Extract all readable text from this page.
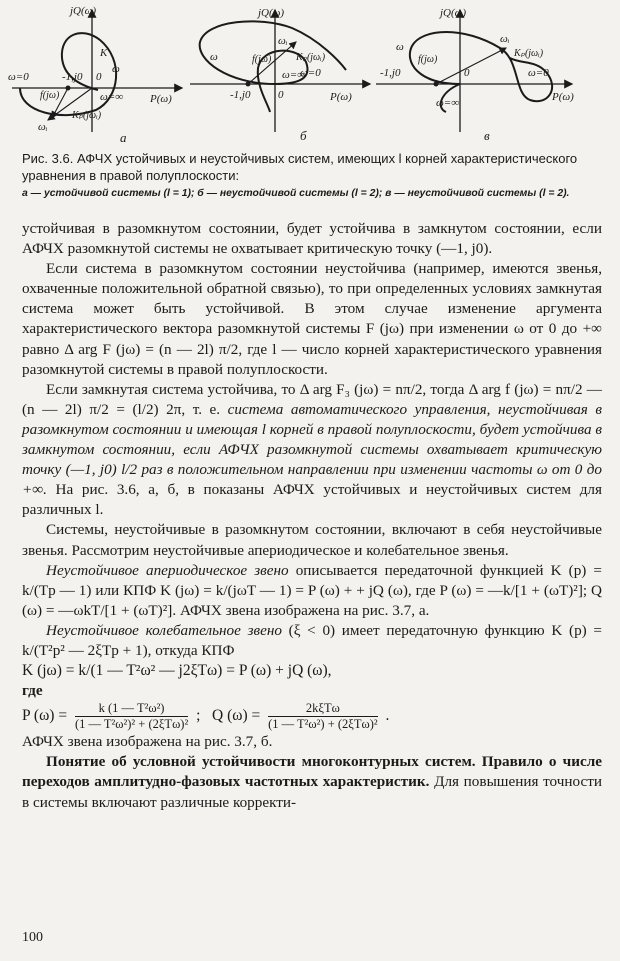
jQ(ω)
ω=0	-1,j0 0
ω=∞ P(ω)
f(jω)
ω
K
ωᵢ
Kₚ(jωᵢ)
а
jQ(ω)
ωᵢ
Kₚ(jωᵢ)
f(jω)
ω
ω=0
ω=∞
-1,j0	0	P(ω)
б
jQ(ω)
ωᵢ
Kₚ(jωᵢ)
f(jω)
ω
-1,j0	0	ω=0
ω=∞	P(ω)
в

Рис. 3.6. АФЧХ устойчивых и неустойчивых систем, имеющих l корней характеристического уравнения в правой полуплоскости:

а — устойчивой системы (l = 1); б — неустойчивой системы (l = 2); в — неустойчивой системы (l = 2).

устойчивая в разомкнутом состоянии, будет устойчива в замкнутом состоянии, если АФЧХ разомкнутой системы не охватывает критическую точку (—1, j0).

Если система в разомкнутом состоянии неустойчива (например, имеются звенья, охваченные положительной обратной связью), то при определенных условиях замкнутая система может быть устойчивой. В этом случае изменение аргумента характеристического вектора разомкнутой системы F (jω) при изменении ω от 0 до +∞ равно Δ arg F (jω) = (n — 2l) π/2, где l — число корней характеристического уравнения разомкнутой системы в правой полуплоскости.

Если замкнутая система устойчива, то Δ arg F₃ (jω) = nπ/2, тогда Δ arg f (jω) = nπ/2 — (n — 2l) π/2 = (l/2) 2π, т. е. система автоматического управления, неустойчивая в разомкнутом состоянии и имеющая l корней в правой полуплоскости, будет устойчива в замкнутом состоянии, если АФЧХ разомкнутой системы охватывает критическую точку (—1, j0) l/2 раз в положительном направлении при изменении частоты ω от 0 до +∞. На рис. 3.6, а, б, в показаны АФЧХ устойчивых и неустойчивых систем для различных l.

Системы, неустойчивые в разомкнутом состоянии, включают в себя неустойчивые звенья. Рассмотрим неустойчивые апериодическое и колебательное звенья.

Неустойчивое апериодическое звено описывается передаточной функцией K (p) = k/(Tp — 1) или КПФ K (jω) = k/(jωT — 1) = P (ω) + + jQ (ω), где P (ω) = —k/[1 + (ωT)²]; Q (ω) = —ωkT/[1 + (ωT)²]. АФЧХ звена изображена на рис. 3.7, а.

Неустойчивое колебательное звено (ξ < 0) имеет передаточную функцию K (p) = k/(T²p² — 2ξTp + 1), откуда КПФ

K (jω) = k/(1 — T²ω² — j2ξTω) = P (ω) + jQ (ω),

где

P $(\omega) = \frac{\text{k (1 — T²ω²)}}{\text{(1 — T²ω²)² + (2ξTω)²}}$ ; Q $(\omega) = \frac{\text{2kξTω}}{\text{(1 — T²ω²) + (2ξTω)²}}$ .

АФЧХ звена изображена на рис. 3.7, б.

Понятие об условной устойчивости многоконтурных систем. Правило о числе переходов амплитудно-фазовых частотных характеристик. Для повышения точности в системы включают различные корректи-

100
